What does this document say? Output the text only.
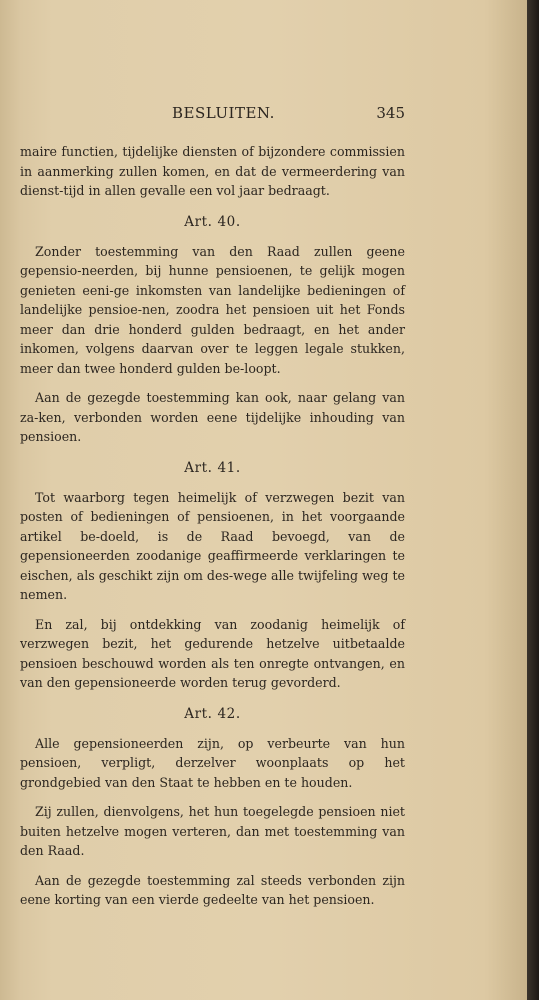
BESLUITEN.	345

maire functien, tijdelijke diensten of bijzondere commissien in aanmerking zullen komen, en dat de vermeerdering van dienst-tijd in allen gevalle een vol jaar bedraagt.

Art. 40.

Zonder toestemming van den Raad zullen geene gepensio-neerden, bij hunne pensioenen, te gelijk mogen genieten eeni-ge inkomsten van landelijke bedieningen of landelijke pensioe-nen, zoodra het pensioen uit het Fonds meer dan drie honderd gulden bedraagt, en het ander inkomen, volgens daarvan over te leggen legale stukken, meer dan twee honderd gulden be-loopt.

Aan de gezegde toestemming kan ook, naar gelang van za-ken, verbonden worden eene tijdelijke inhouding van pensioen.

Art. 41.

Tot waarborg tegen heimelijk of verzwegen bezit van posten of bedieningen of pensioenen, in het voorgaande artikel be-doeld, is de Raad bevoegd, van de gepensioneerden zoodanige geaffirmeerde verklaringen te eischen, als geschikt zijn om des-wege alle twijfeling weg te nemen.

En zal, bij ontdekking van zoodanig heimelijk of verzwegen bezit, het gedurende hetzelve uitbetaalde pensioen beschouwd worden als ten onregte ontvangen, en van den gepensioneerde worden terug gevorderd.

Art. 42.

Alle gepensioneerden zijn, op verbeurte van hun pensioen, verpligt, derzelver woonplaats op het grondgebied van den Staat te hebben en te houden.

Zij zullen, dienvolgens, het hun toegelegde pensioen niet buiten hetzelve mogen verteren, dan met toestemming van den Raad.

Aan de gezegde toestemming zal steeds verbonden zijn eene korting van een vierde gedeelte van het pensioen.
